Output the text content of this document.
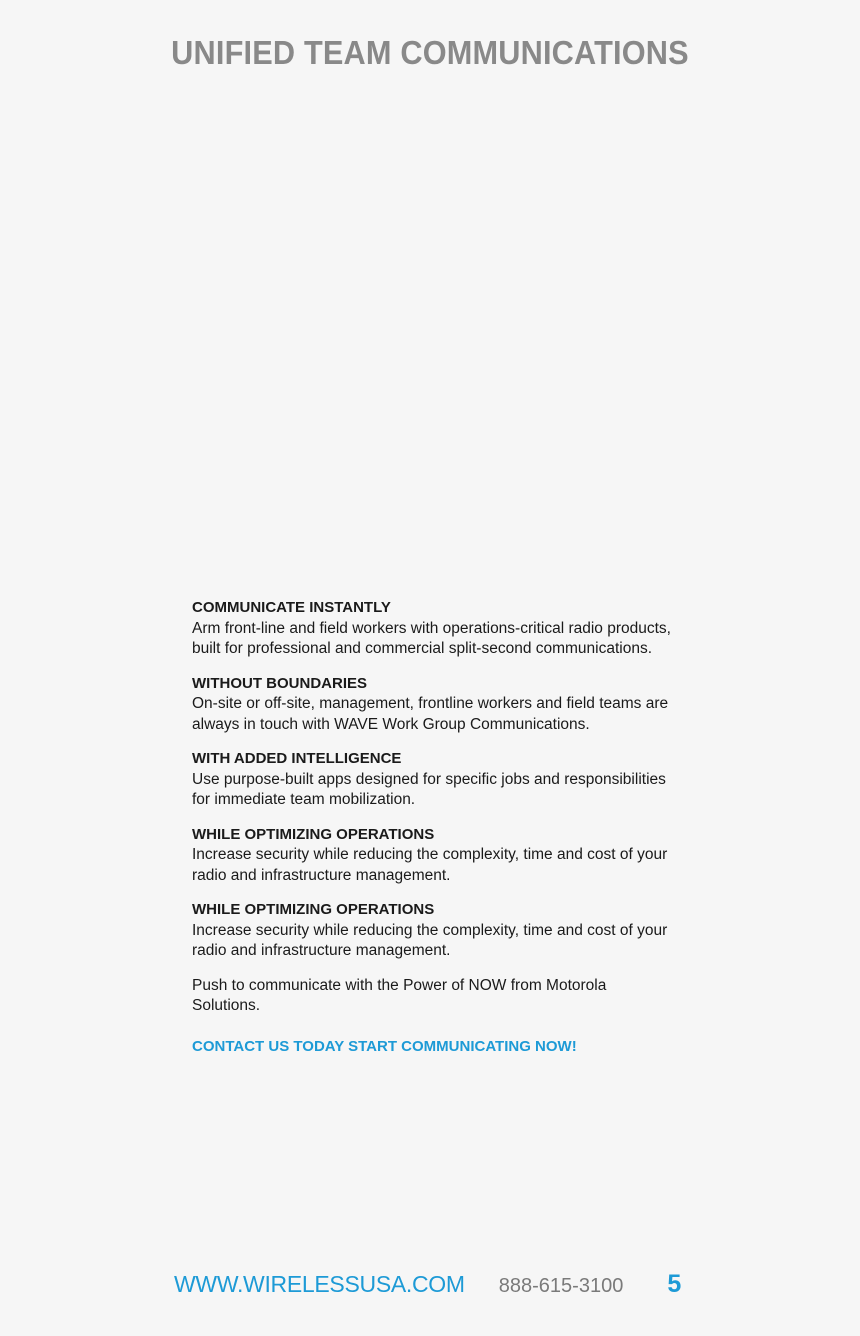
UNIFIED TEAM COMMUNICATIONS

COMMUNICATE INSTANTLY

Arm front-line and field workers with operations-critical radio products, built for professional and commercial split-second communications.

WITHOUT BOUNDARIES

On-site or off-site, management, frontline workers and field teams are always in touch with WAVE Work Group Communications.

WITH ADDED INTELLIGENCE

Use purpose-built apps designed for specific jobs and responsibilities for immediate team mobilization.

WHILE OPTIMIZING OPERATIONS

Increase security while reducing the complexity, time and cost of your radio and infrastructure management.

WHILE OPTIMIZING OPERATIONS

Increase security while reducing the complexity, time and cost of your radio and infrastructure management.

Push to communicate with the Power of NOW from Motorola Solutions.

CONTACT US TODAY START COMMUNICATING NOW!

WWW.WIRELESSUSA.COM 888-615-3100 5
